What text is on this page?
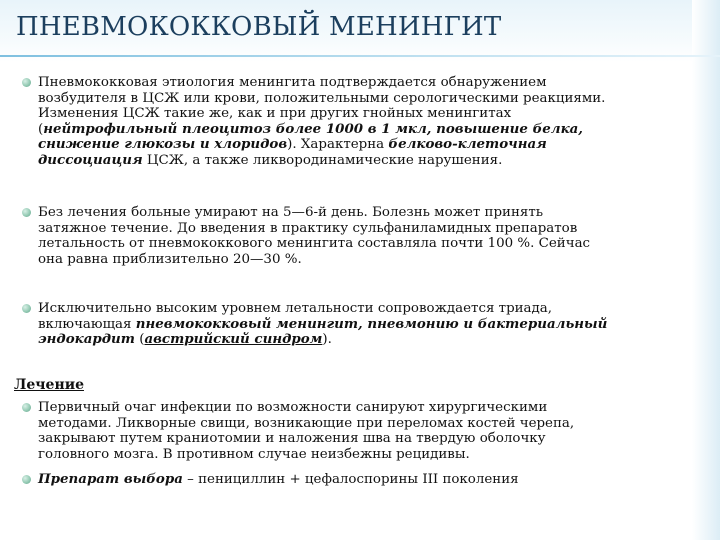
ПНЕВМОКОККОВЫЙ МЕНИНГИТ
Пневмококковая этиология менингита подтверждается обнаружением
возбудителя в ЦСЖ или крови, положительными серологическими реакциями.
Изменения ЦСЖ такие же, как и при других гнойных менингитах
(нейтрофильный плеоцитоз более 1000 в 1 мкл, повышение белка,
снижение глюкозы и хлоридов). Характерна белково-клеточная
диссоциация ЦСЖ, а также ликвородинамические нарушения.
Без лечения больные умирают на 5—6-й день. Болезнь может принять
затяжное течение. До введения в практику сульфаниламидных препаратов
летальность от пневмококкового менингита составляла почти 100 %. Сейчас
она равна приблизительно 20—30 %.
Исключительно высоким уровнем летальности сопровождается триада,
включающая пневмококковый менингит, пневмонию и бактериальный
эндокардит (австрийский синдром).
Лечение
Первичный очаг инфекции по возможности санируют хирургическими
методами. Ликворные свищи, возникающие при переломах костей черепа,
закрывают путем краниотомии и наложения шва на твердую оболочку
головного мозга. В противном случае неизбежны рецидивы.
Препарат выбора – пенициллин + цефалоспорины III поколения
